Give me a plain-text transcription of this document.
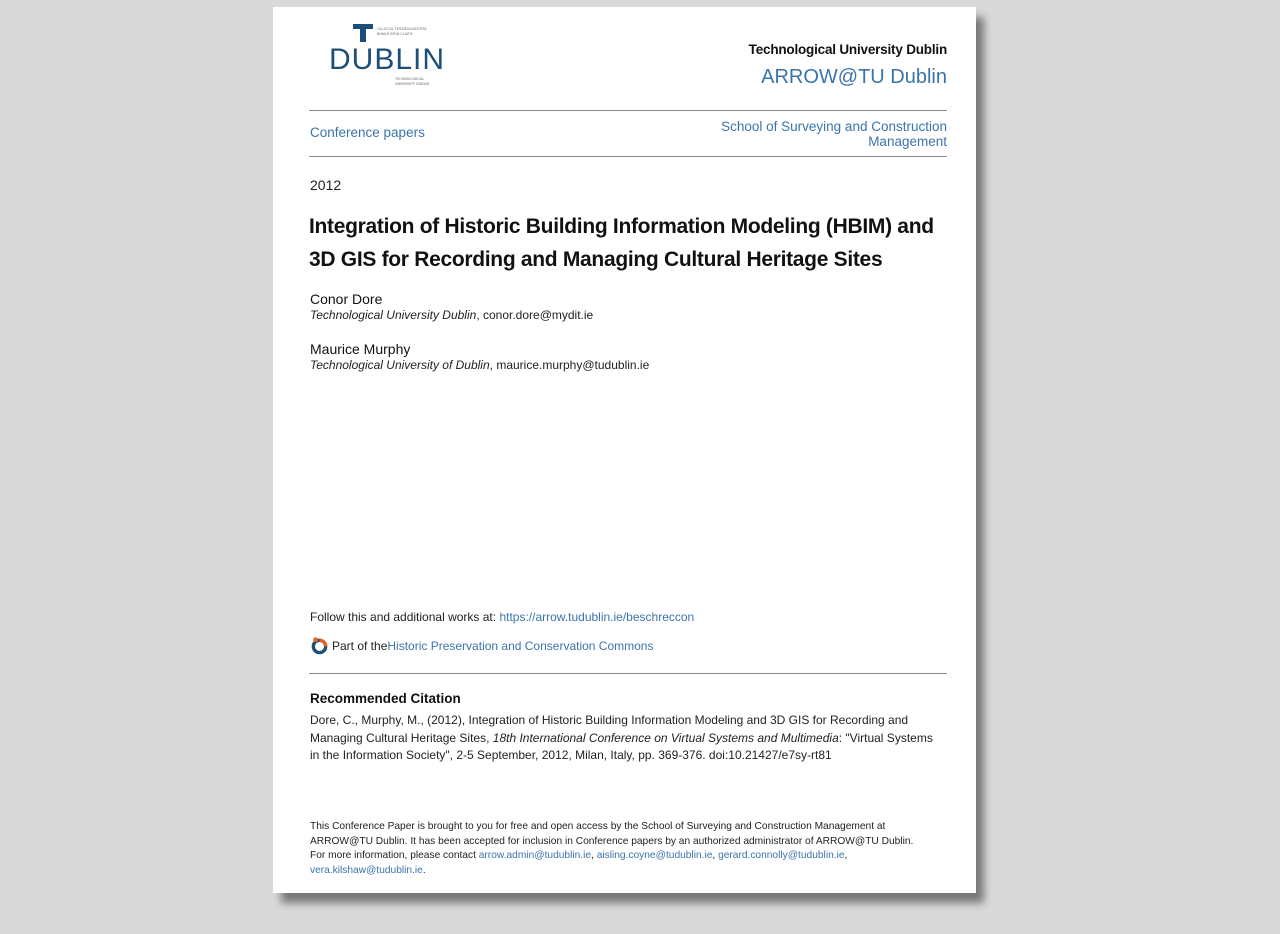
OLLSCOIL TEICNEOLAÍOCHTA
BHAILE ÁTHA CLIATH
DUBLIN
TECHNOLOGICAL
UNIVERSITY DUBLIN
Technological University Dublin
ARROW@TU Dublin
Conference papers	School of Surveying and Construction
Management
2012
Integration of Historic Building Information Modeling (HBIM) and 3D GIS for Recording and Managing Cultural Heritage Sites
Conor Dore
Technological University Dublin, conor.dore@mydit.ie
Maurice Murphy
Technological University of Dublin, maurice.murphy@tudublin.ie
Follow this and additional works at: https://arrow.tudublin.ie/beschreccon
Part of the Historic Preservation and Conservation Commons
Recommended Citation
Dore, C., Murphy, M., (2012), Integration of Historic Building Information Modeling and 3D GIS for Recording and Managing Cultural Heritage Sites, 18th International Conference on Virtual Systems and Multimedia: "Virtual Systems in the Information Society", 2-5 September, 2012, Milan, Italy, pp. 369-376. doi:10.21427/e7sy-rt81
This Conference Paper is brought to you for free and open access by the School of Surveying and Construction Management at ARROW@TU Dublin. It has been accepted for inclusion in Conference papers by an authorized administrator of ARROW@TU Dublin. For more information, please contact arrow.admin@tudublin.ie, aisling.coyne@tudublin.ie, gerard.connolly@tudublin.ie, vera.kilshaw@tudublin.ie.
